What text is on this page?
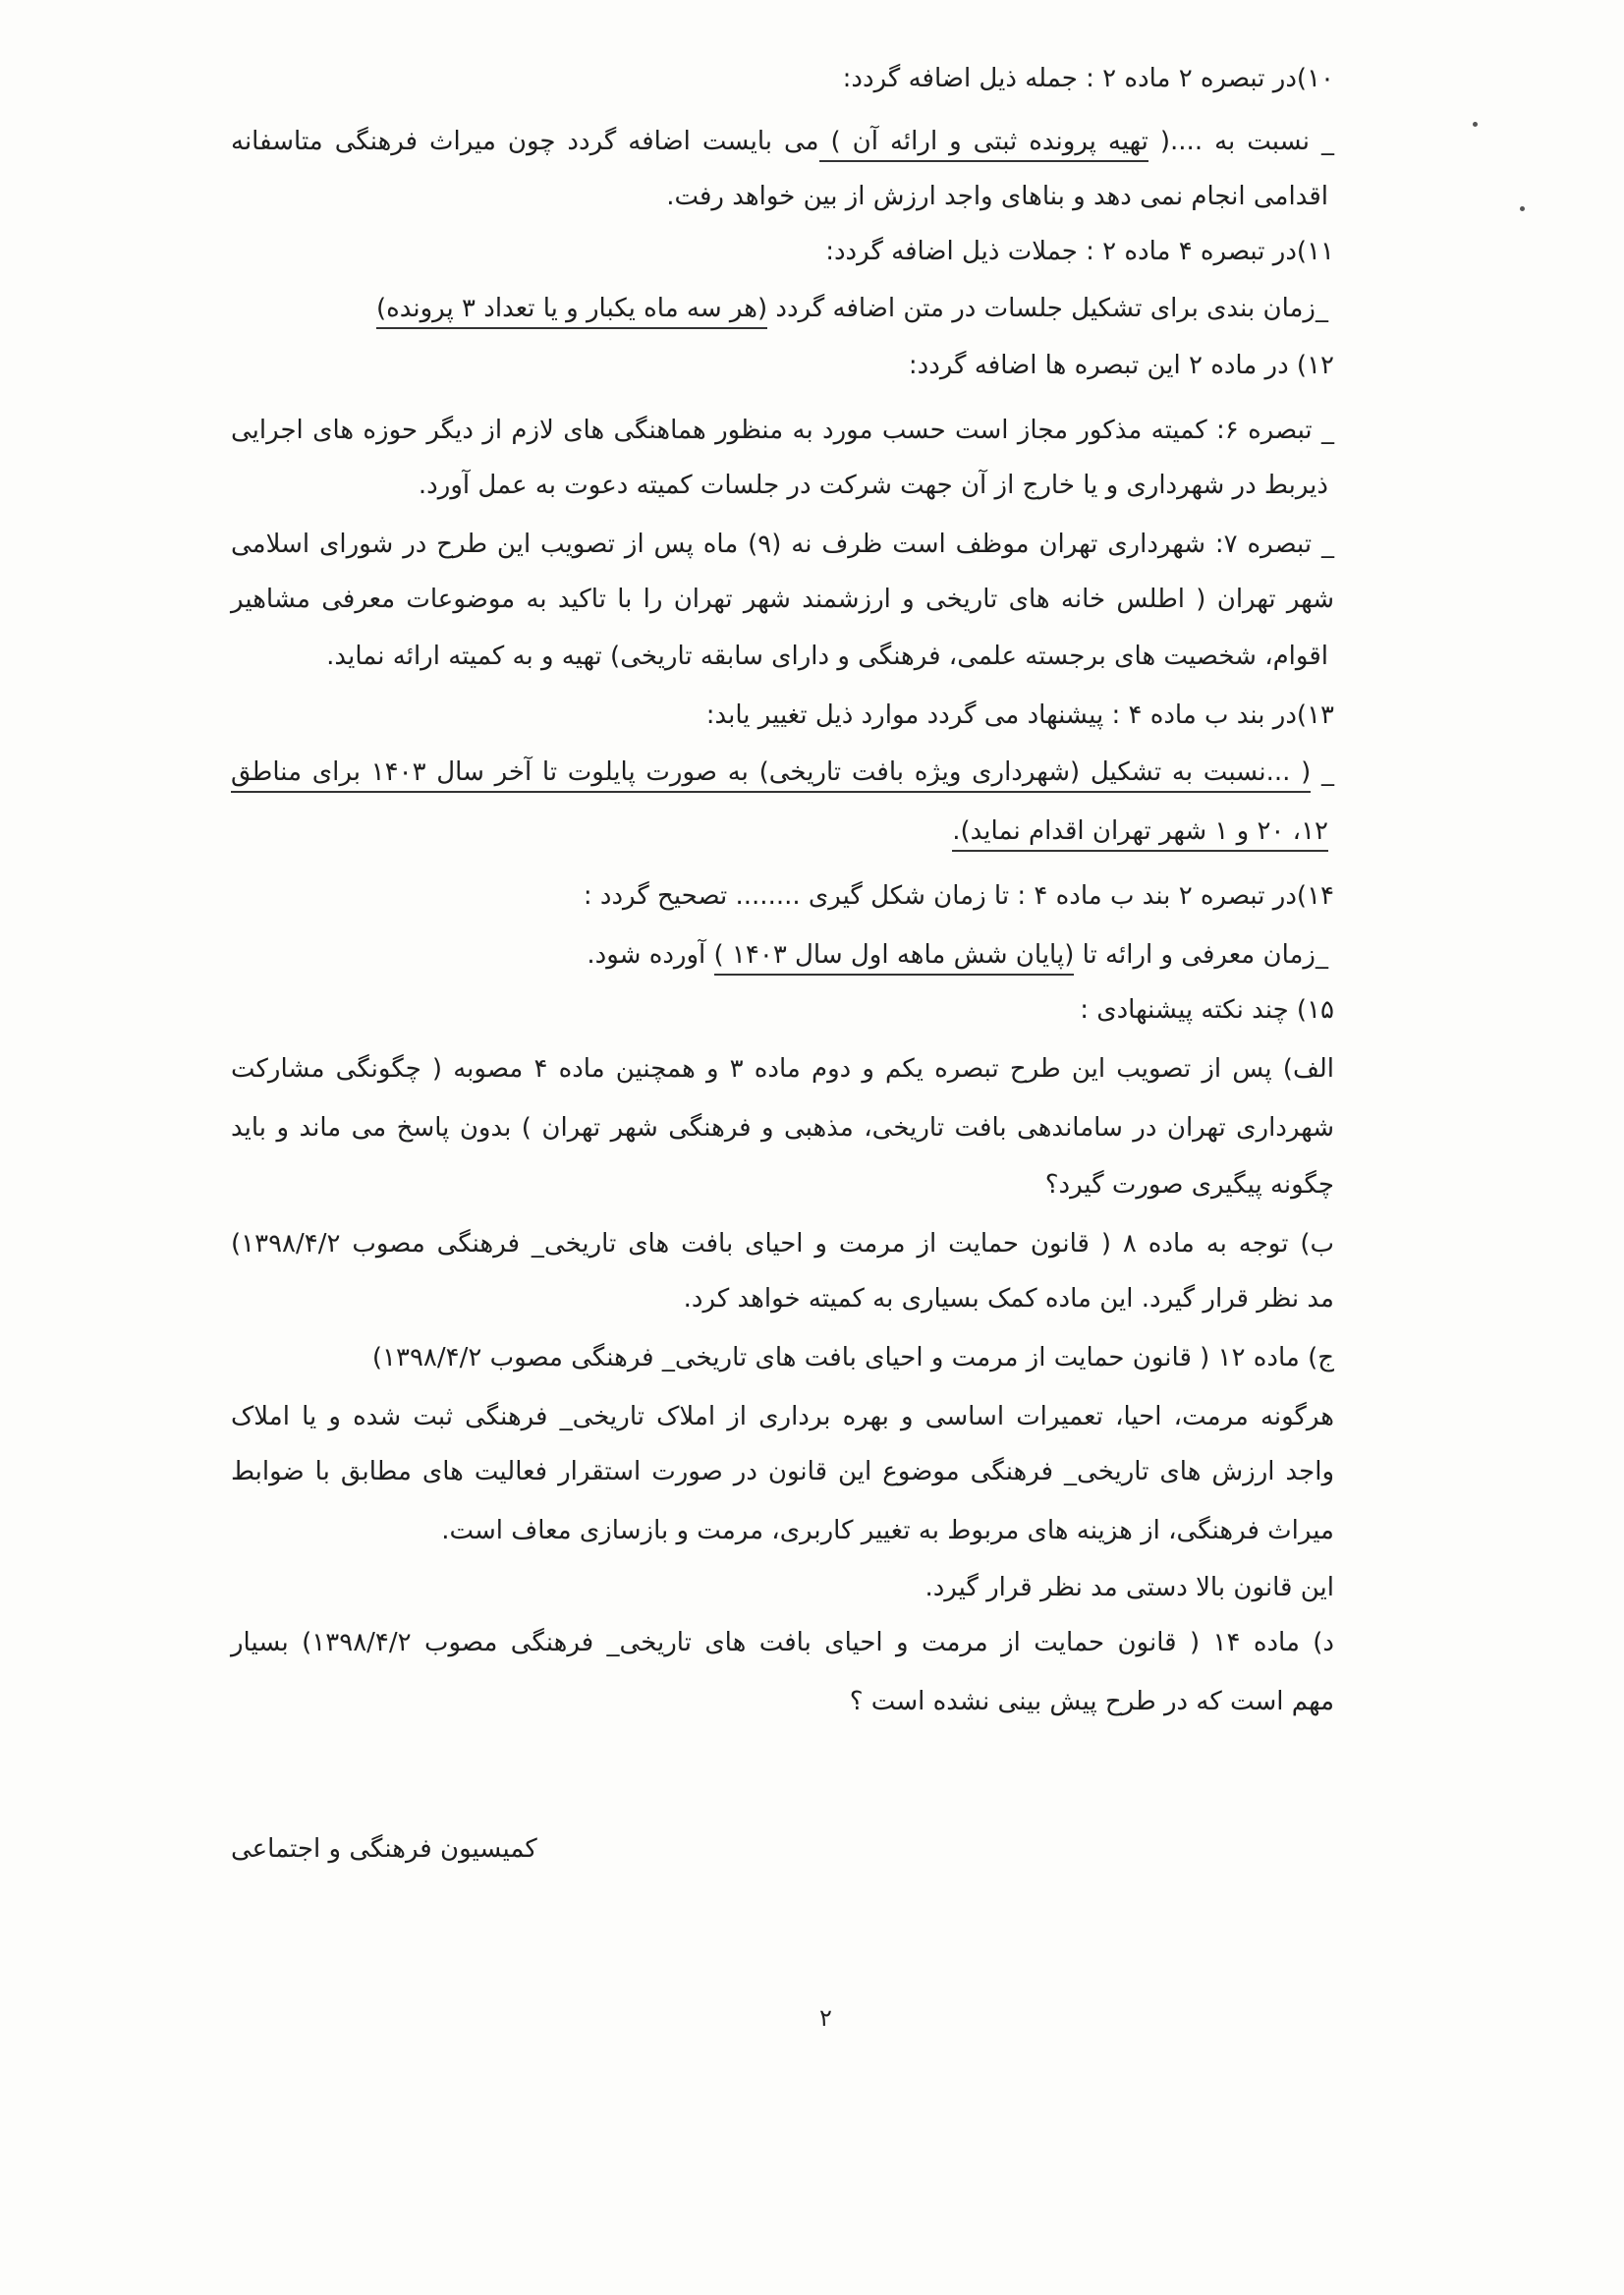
۱۰)در تبصره ۲ ماده ۲ : جمله ذیل اضافه گردد:
_ نسبت به ....( تهیه پرونده ثبتی و ارائه آن ) می بایست اضافه گردد چون میراث فرهنگی متاسفانه
اقدامی انجام نمی دهد و بناهای واجد ارزش از بین خواهد رفت.
۱۱)در تبصره ۴ ماده ۲ : جملات ذیل اضافه گردد:
_زمان بندی برای تشکیل جلسات در متن اضافه گردد (هر سه ماه یکبار و یا تعداد ۳ پرونده)
۱۲) در ماده ۲ این تبصره ها اضافه گردد:
_ تبصره ۶: کمیته مذکور مجاز است حسب مورد به منظور هماهنگی های لازم از دیگر حوزه های اجرایی
ذیربط در شهرداری و یا خارج از آن جهت شرکت در جلسات کمیته دعوت به عمل آورد.
_ تبصره ۷: شهرداری تهران موظف است ظرف نه (۹) ماه پس از تصویب این طرح در شورای اسلامی
شهر تهران ( اطلس خانه های تاریخی و ارزشمند شهر تهران را با تاکید به موضوعات معرفی مشاهیر
اقوام، شخصیت های برجسته علمی، فرهنگی و دارای سابقه تاریخی) تهیه و به کمیته ارائه نماید.
۱۳)در بند ب ماده ۴ : پیشنهاد می گردد موارد ذیل تغییر یابد:
_ ( ...نسبت به تشکیل (شهرداری ویژه بافت تاریخی) به صورت پایلوت تا آخر سال ۱۴۰۳ برای مناطق
۱۲، ۲۰ و ۱ شهر تهران اقدام نماید).
۱۴)در تبصره ۲ بند ب ماده ۴ : تا زمان شکل گیری ........ تصحیح گردد :
_زمان معرفی و ارائه تا (پایان شش ماهه اول سال ۱۴۰۳ ) آورده شود.
۱۵) چند نکته پیشنهادی :
الف) پس از تصویب این طرح تبصره یکم و دوم ماده ۳ و همچنین ماده ۴ مصوبه ( چگونگی مشارکت
شهرداری تهران در ساماندهی بافت تاریخی، مذهبی و فرهنگی شهر تهران ) بدون پاسخ می ماند و باید
چگونه پیگیری صورت گیرد؟
ب) توجه به ماده ۸ ( قانون حمایت از مرمت و احیای بافت های تاریخی_ فرهنگی مصوب ۱۳۹۸/۴/۲)
مد نظر قرار گیرد. این ماده کمک بسیاری به کمیته خواهد کرد.
ج) ماده ۱۲ ( قانون حمایت از مرمت و احیای بافت های تاریخی_ فرهنگی مصوب ۱۳۹۸/۴/۲)
هرگونه مرمت، احیا، تعمیرات اساسی و بهره برداری از املاک تاریخی_ فرهنگی ثبت شده و یا املاک
واجد ارزش های تاریخی_ فرهنگی موضوع این قانون در صورت استقرار فعالیت های مطابق با ضوابط
میراث فرهنگی، از هزینه های مربوط به تغییر کاربری، مرمت و بازسازی معاف است.
این قانون بالا دستی مد نظر قرار گیرد.
د) ماده ۱۴ ( قانون حمایت از مرمت و احیای بافت های تاریخی_ فرهنگی مصوب ۱۳۹۸/۴/۲) بسیار
مهم است که در طرح پیش بینی نشده است ؟
کمیسیون فرهنگی و اجتماعی
۲
